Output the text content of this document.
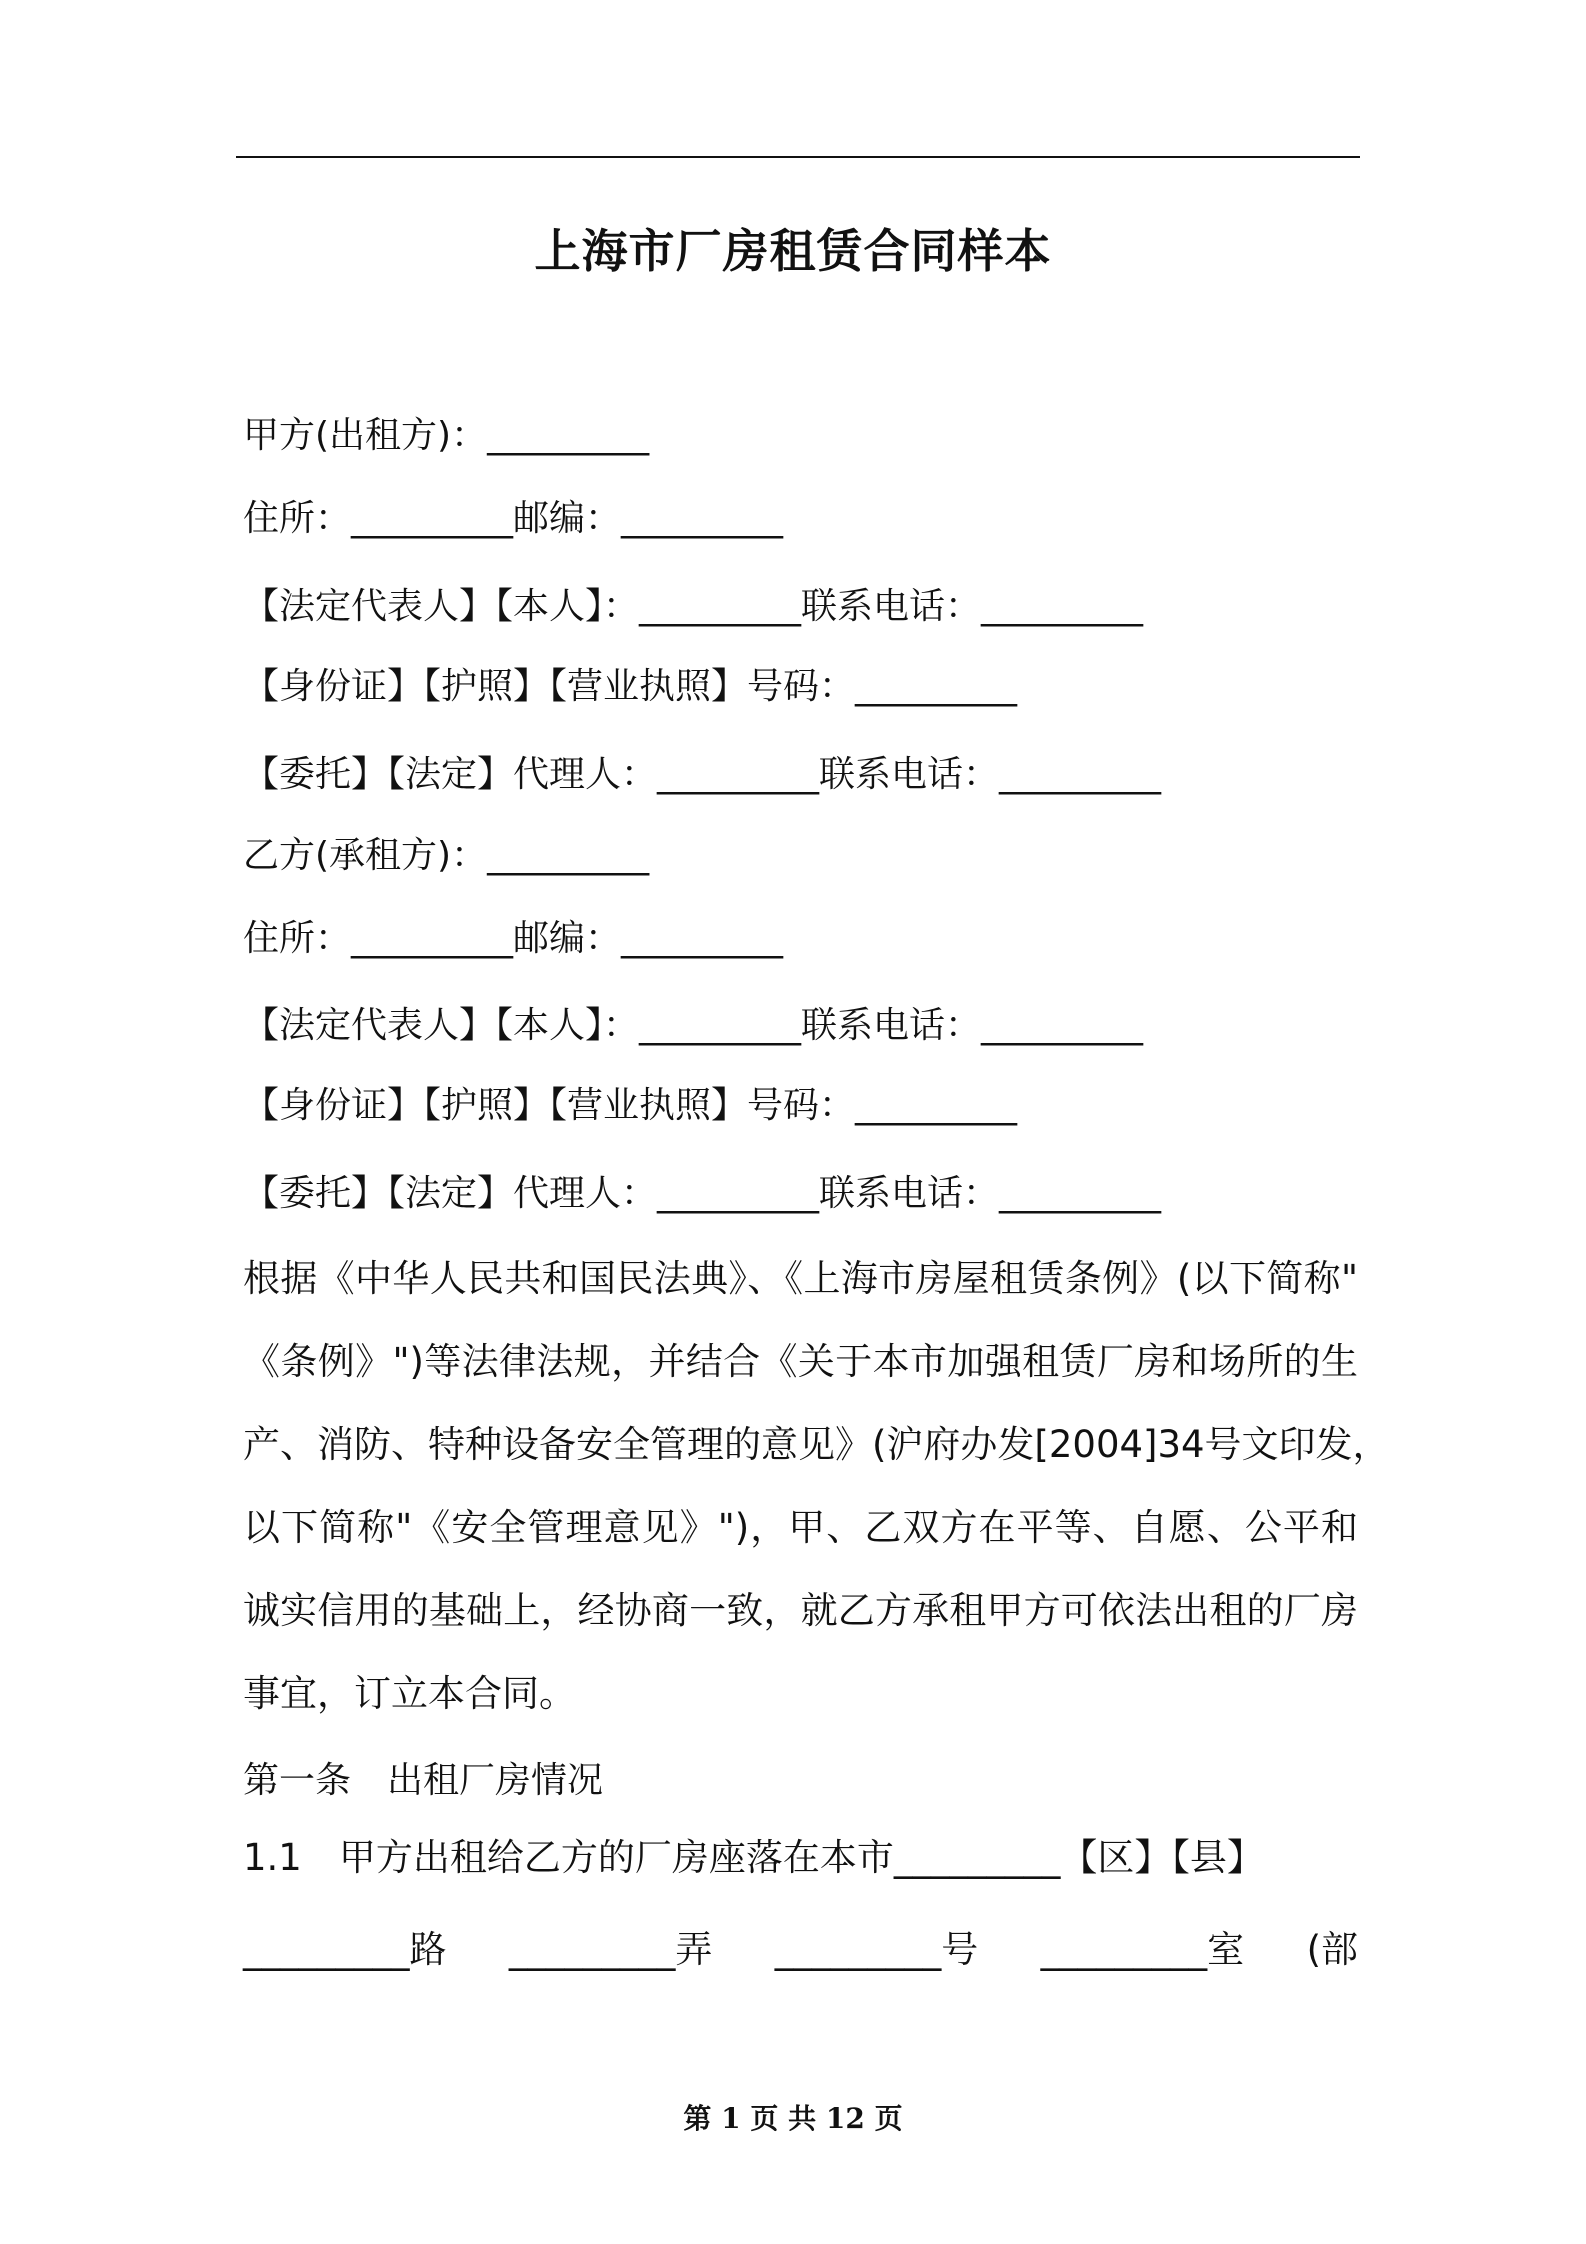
上海市厂房租赁合同样本
甲方(出租方)：_________
住所：_________邮编：_________
【法定代表人】【本人】：_________联系电话：_________
【身份证】【护照】【营业执照】号码：_________
【委托】【法定】代理人：_________联系电话：_________
乙方(承租方)：_________
住所：_________邮编：_________
【法定代表人】【本人】：_________联系电话：_________
【身份证】【护照】【营业执照】号码：_________
【委托】【法定】代理人：_________联系电话：_________
根据《中华人民共和国民法典》、《上海市房屋租赁条例》(以下简称"
《条例》")等法律法规，并结合《关于本市加强租赁厂房和场所的生
产、消防、特种设备安全管理的意见》(沪府办发[2004]34号文印发，
以下简称"《安全管理意见》")，甲、乙双方在平等、自愿、公平和
诚实信用的基础上，经协商一致，就乙方承租甲方可依法出租的厂房
事宜，订立本合同。
第一条　出租厂房情况
1.1　甲方出租给乙方的厂房座落在本市_________【区】【县】
_________路 _________弄 _________号 _________室 (部
第 1 页 共 12 页
